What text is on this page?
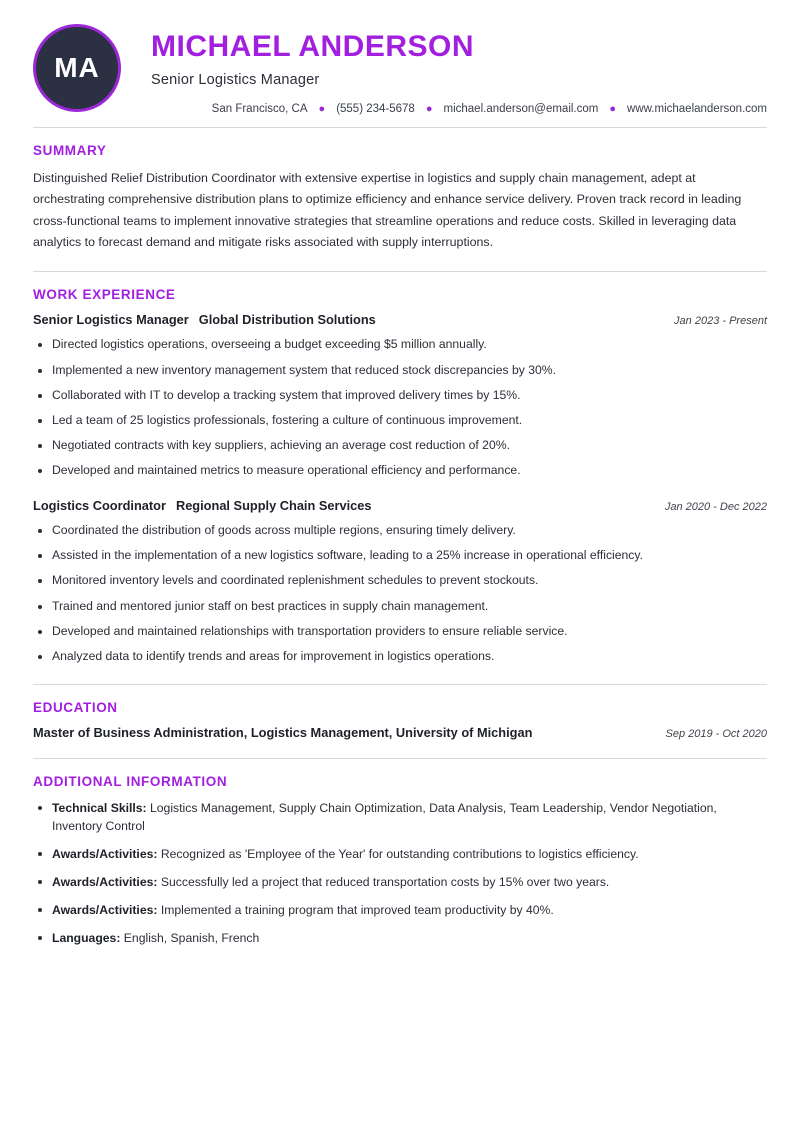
MA
MICHAEL ANDERSON
Senior Logistics Manager
San Francisco, CA	● (555) 234-5678	● michael.anderson@email.com	● www.michaelanderson.com
SUMMARY
Distinguished Relief Distribution Coordinator with extensive expertise in logistics and supply chain management, adept at orchestrating comprehensive distribution plans to optimize efficiency and enhance service delivery. Proven track record in leading cross-functional teams to implement innovative strategies that streamline operations and reduce costs. Skilled in leveraging data analytics to forecast demand and mitigate risks associated with supply interruptions.
WORK EXPERIENCE
Senior Logistics Manager Global Distribution Solutions	Jan 2023 - Present
Directed logistics operations, overseeing a budget exceeding $5 million annually.
Implemented a new inventory management system that reduced stock discrepancies by 30%.
Collaborated with IT to develop a tracking system that improved delivery times by 15%.
Led a team of 25 logistics professionals, fostering a culture of continuous improvement.
Negotiated contracts with key suppliers, achieving an average cost reduction of 20%.
Developed and maintained metrics to measure operational efficiency and performance.
Logistics Coordinator Regional Supply Chain Services	Jan 2020 - Dec 2022
Coordinated the distribution of goods across multiple regions, ensuring timely delivery.
Assisted in the implementation of a new logistics software, leading to a 25% increase in operational efficiency.
Monitored inventory levels and coordinated replenishment schedules to prevent stockouts.
Trained and mentored junior staff on best practices in supply chain management.
Developed and maintained relationships with transportation providers to ensure reliable service.
Analyzed data to identify trends and areas for improvement in logistics operations.
EDUCATION
Master of Business Administration, Logistics Management, University of Michigan	Sep 2019 - Oct 2020
ADDITIONAL INFORMATION
Technical Skills: Logistics Management, Supply Chain Optimization, Data Analysis, Team Leadership, Vendor Negotiation, Inventory Control
Awards/Activities: Recognized as 'Employee of the Year' for outstanding contributions to logistics efficiency.
Awards/Activities: Successfully led a project that reduced transportation costs by 15% over two years.
Awards/Activities: Implemented a training program that improved team productivity by 40%.
Languages: English, Spanish, French
